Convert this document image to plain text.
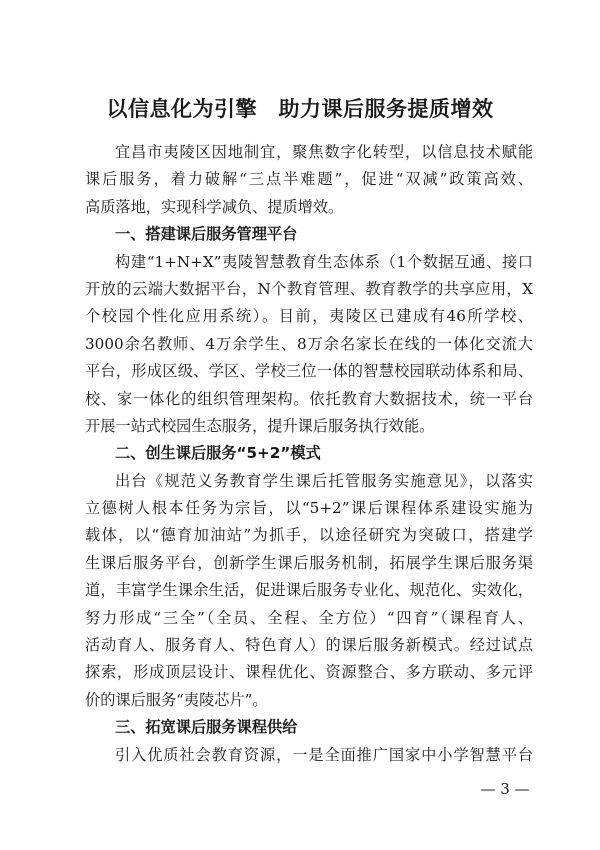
以信息化为引擎　助力课后服务提质增效
宜昌市夷陵区因地制宜，聚焦数字化转型，以信息技术赋能
课后服务，着力破解“三点半难题”，促进“双减”政策高效、
高质落地，实现科学减负、提质增效。
一、搭建课后服务管理平台
构建“1+N+X”夷陵智慧教育生态体系（1个数据互通、接口
开放的云端大数据平台，N个教育管理、教育教学的共享应用，X
个校园个性化应用系统）。目前，夷陵区已建成有46所学校、
3000余名教师、4万余学生、8万余名家长在线的一体化交流大
平台，形成区级、学区、学校三位一体的智慧校园联动体系和局、
校、家一体化的组织管理架构。依托教育大数据技术，统一平台
开展一站式校园生态服务，提升课后服务执行效能。
二、创生课后服务“5+2”模式
出台《规范义务教育学生课后托管服务实施意见》，以落实
立德树人根本任务为宗旨，以“5+2”课后课程体系建设实施为
载体，以“德育加油站”为抓手，以途径研究为突破口，搭建学
生课后服务平台，创新学生课后服务机制，拓展学生课后服务渠
道，丰富学生课余生活，促进课后服务专业化、规范化、实效化，
努力形成“三全”（全员、全程、全方位）“四育”（课程育人、
活动育人、服务育人、特色育人）的课后服务新模式。经过试点
探索，形成顶层设计、课程优化、资源整合、多方联动、多元评
价的课后服务“夷陵芯片”。
三、拓宽课后服务课程供给
引入优质社会教育资源，一是全面推广国家中小学智慧平台
— 3 —
